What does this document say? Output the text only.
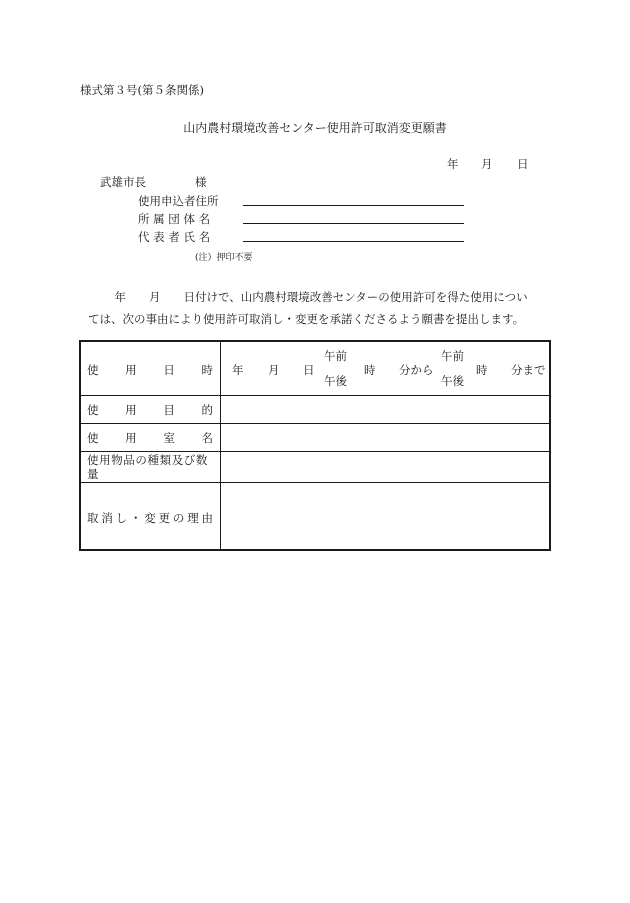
様式第３号(第５条関係)
山内農村環境改善センター使用許可取消変更願書
年 月 日
武雄市長	様
使用申込者住所
所 属 団 体 名
代 表 者 氏 名
(注）押印不要
　　　年　　月　　日付けで、山内農村環境改善センターの使用許可を得た使用につい
ては、次の事由により使用許可取消し・変更を承諾くださるよう願書を提出します。
使 用 日 時 年 月 日
午前
午後
時 分から
午前
午後
時 分まで
使 用 目 的
使 用 室 名
使用物品の種類及び数量
取 消 し ・ 変 更 の 理 由
